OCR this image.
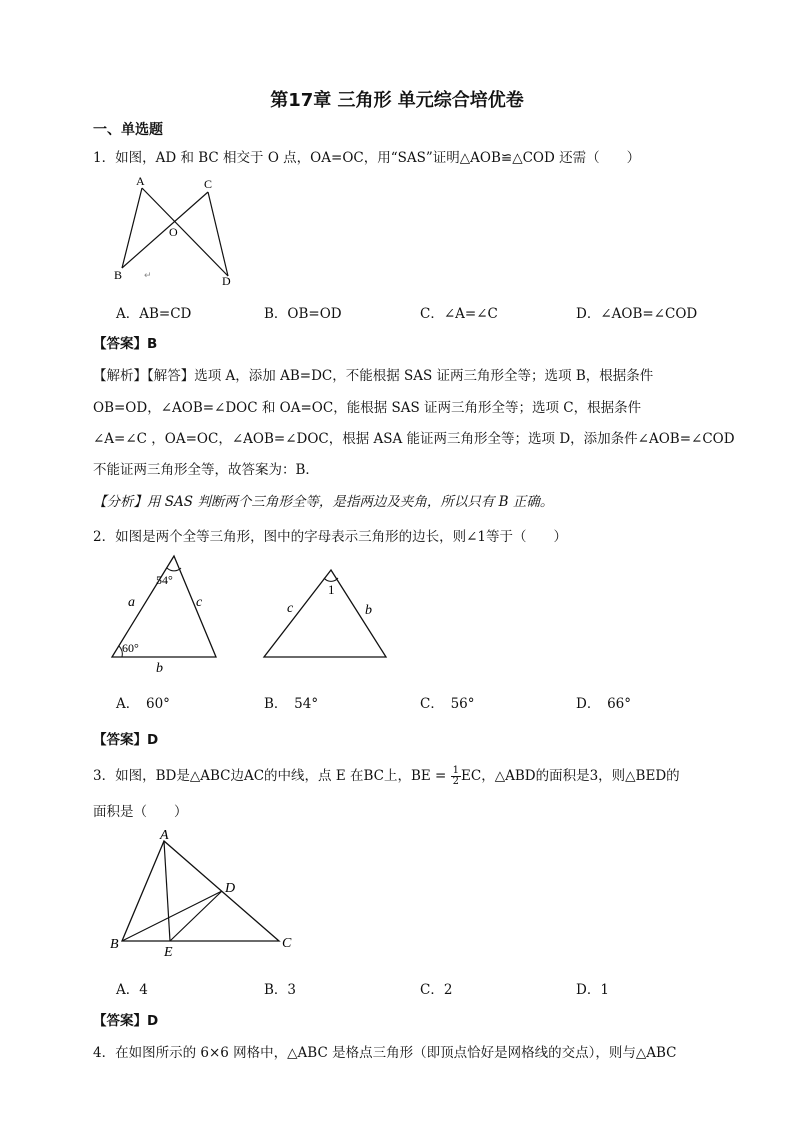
第17章 三角形 单元综合培优卷
一、单选题
1．如图，AD 和 BC 相交于 O 点，OA=OC，用“SAS”证明△AOB≌△COD 还需（　　）
A	C
O
B	D
↵
A．AB=CD	B．OB=OD	C．∠A=∠C	D．∠AOB=∠COD
【答案】B
【解析】【解答】选项 A，添加 AB=DC，不能根据 SAS 证两三角形全等；选项 B，根据条件
OB=OD，∠AOB=∠DOC 和 OA=OC，能根据 SAS 证两三角形全等；选项 C，根据条件
∠A=∠C ，OA=OC，∠AOB=∠DOC，根据 ASA 能证两三角形全等；选项 D，添加条件∠AOB=∠COD
不能证两三角形全等，故答案为：B．
【分析】用 SAS 判断两个三角形全等，是指两边及夹角，所以只有 B 正确。
2．如图是两个全等三角形，图中的字母表示三角形的边长，则∠1等于（　　）
54°
60°
a	c
b
1
c	b
A．　60°	B．　54°	C．　56°	D．　66°
【答案】D
3．如图，BD是△ABC边AC的中线，点 E 在BC上，BE = $\frac{1}{2}$ EC，△ABD的面积是3，则△BED的
面积是（　　）
A
D
B	C
E
A．4	B．3	C．2	D．1
【答案】D
4．在如图所示的 6×6 网格中，△ABC 是格点三角形（即顶点恰好是网格线的交点），则与△ABC
